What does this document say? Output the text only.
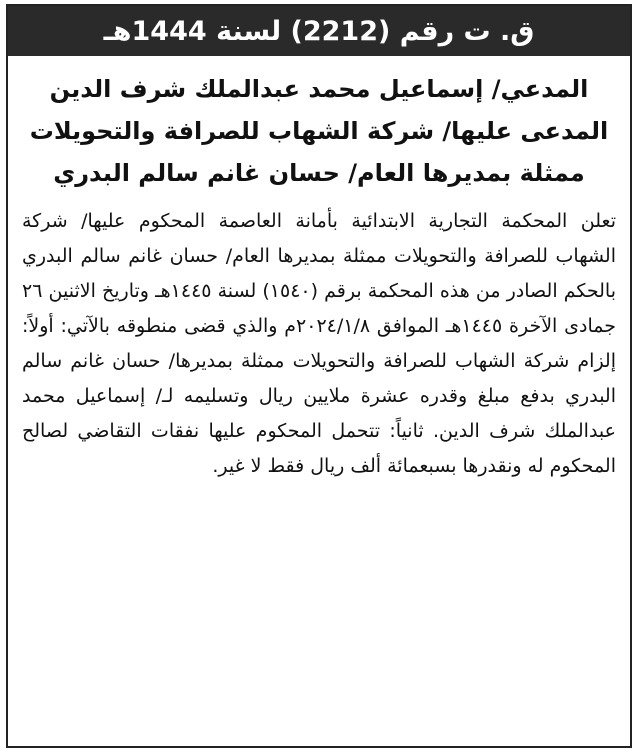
ق. ت رقم (2212) لسنة 1444هـ
المدعي/ إسماعيل محمد عبدالملك شرف الدين
المدعى عليها/ شركة الشهاب للصرافة والتحويلات
ممثلة بمديرها العام/ حسان غانم سالم البدري

تعلن المحكمة التجارية الابتدائية بأمانة العاصمة المحكوم عليها/ شركة الشهاب للصرافة والتحويلات ممثلة بمديرها العام/ حسان غانم سالم البدري بالحكم الصادر من هذه المحكمة برقم (١٥٤٠) لسنة ١٤٤٥هـ وتاريخ الاثنين ٢٦ جمادى الآخرة ١٤٤٥هـ الموافق ٢٠٢٤/١/٨م والذي قضى منطوقه بالآتي: أولاً: إلزام شركة الشهاب للصرافة والتحويلات ممثلة بمديرها/ حسان غانم سالم البدري بدفع مبلغ وقدره عشرة ملايين ريال وتسليمه لـ/ إسماعيل محمد عبدالملك شرف الدين. ثانياً: تتحمل المحكوم عليها نفقات التقاضي لصالح المحكوم له ونقدرها بسبعمائة ألف ريال فقط لا غير.
